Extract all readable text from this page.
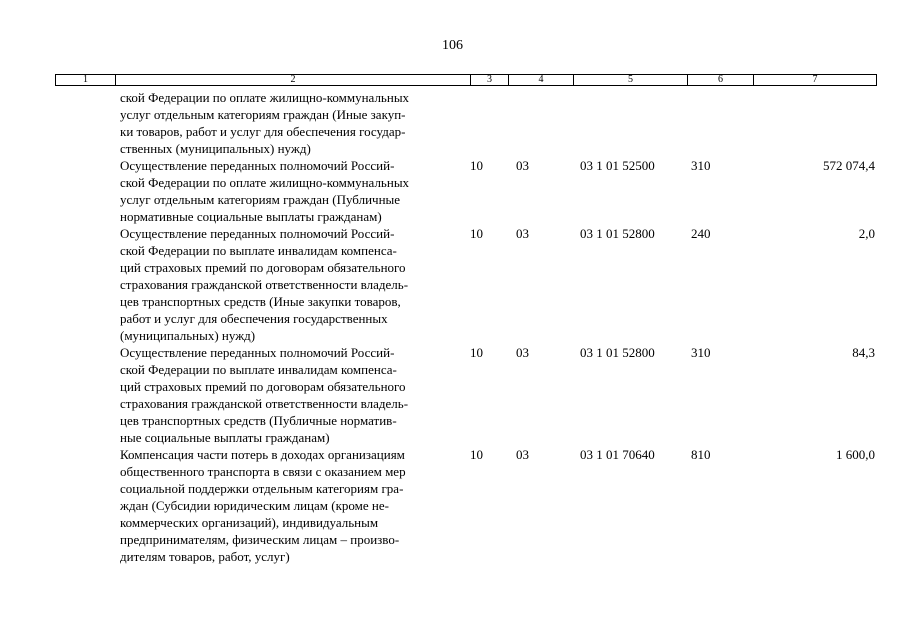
106
1	2	3	4	5	6	7
ской Федерации по оплате жилищно-коммунальных
услуг отдельным категориям граждан (Иные закуп-
ки товаров, работ и услуг для обеспечения государ-
ственных (муниципальных) нужд)
Осуществление переданных полномочий Россий-
ской Федерации по оплате жилищно-коммунальных
услуг отдельным категориям граждан (Публичные
нормативные социальные выплаты гражданам)
10	03	03 1 01 52500	310	572 074,4
Осуществление переданных полномочий Россий-
ской Федерации по выплате инвалидам компенса-
ций страховых премий по договорам обязательного
страхования гражданской ответственности владель-
цев транспортных средств (Иные закупки товаров,
работ и услуг для обеспечения государственных
(муниципальных) нужд)
10	03	03 1 01 52800	240	2,0
Осуществление переданных полномочий Россий-
ской Федерации по выплате инвалидам компенса-
ций страховых премий по договорам обязательного
страхования гражданской ответственности владель-
цев транспортных средств (Публичные норматив-
ные социальные выплаты гражданам)
10	03	03 1 01 52800	310	84,3
Компенсация части потерь в доходах организациям
общественного транспорта в связи с оказанием мер
социальной поддержки отдельным категориям гра-
ждан (Субсидии юридическим лицам (кроме не-
коммерческих организаций), индивидуальным
предпринимателям, физическим лицам – произво-
дителям товаров, работ, услуг)
10	03	03 1 01 70640	810	1 600,0
